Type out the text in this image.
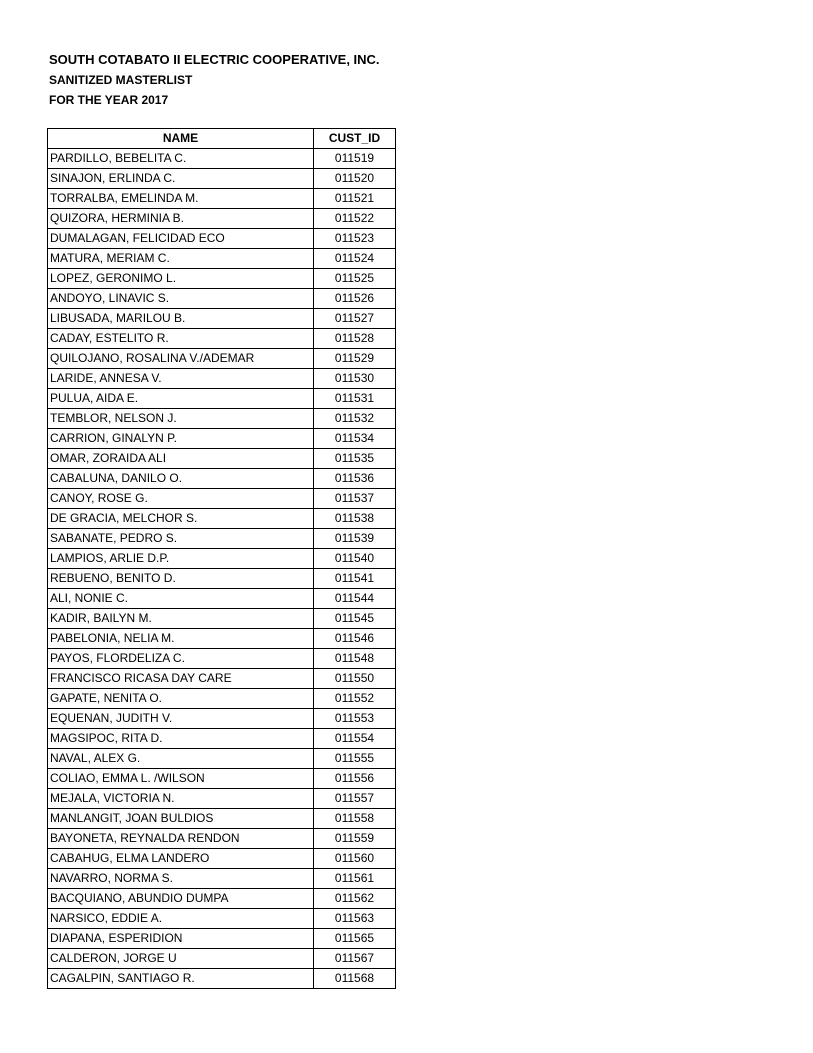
SOUTH COTABATO II ELECTRIC COOPERATIVE, INC.
SANITIZED MASTERLIST
FOR THE YEAR 2017
NAME	CUST_ID
PARDILLO, BEBELITA C.	011519
SINAJON, ERLINDA C.	011520
TORRALBA, EMELINDA M.	011521
QUIZORA, HERMINIA B.	011522
DUMALAGAN, FELICIDAD ECO	011523
MATURA, MERIAM C.	011524
LOPEZ, GERONIMO L.	011525
ANDOYO, LINAVIC S.	011526
LIBUSADA, MARILOU B.	011527
CADAY, ESTELITO R.	011528
QUILOJANO, ROSALINA V./ADEMAR	011529
LARIDE, ANNESA V.	011530
PULUA, AIDA E.	011531
TEMBLOR, NELSON J.	011532
CARRION, GINALYN P.	011534
OMAR, ZORAIDA ALI	011535
CABALUNA, DANILO O.	011536
CANOY, ROSE G.	011537
DE GRACIA, MELCHOR S.	011538
SABANATE, PEDRO S.	011539
LAMPIOS, ARLIE D.P.	011540
REBUENO, BENITO D.	011541
ALI, NONIE C.	011544
KADIR, BAILYN M.	011545
PABELONIA, NELIA M.	011546
PAYOS, FLORDELIZA C.	011548
FRANCISCO RICASA DAY CARE	011550
GAPATE, NENITA O.	011552
EQUENAN, JUDITH V.	011553
MAGSIPOC, RITA D.	011554
NAVAL, ALEX G.	011555
COLIAO, EMMA L. /WILSON	011556
MEJALA, VICTORIA N.	011557
MANLANGIT, JOAN BULDIOS	011558
BAYONETA, REYNALDA RENDON	011559
CABAHUG, ELMA LANDERO	011560
NAVARRO, NORMA S.	011561
BACQUIANO, ABUNDIO DUMPA	011562
NARSICO, EDDIE A.	011563
DIAPANA, ESPERIDION	011565
CALDERON, JORGE U	011567
CAGALPIN, SANTIAGO R.	011568
